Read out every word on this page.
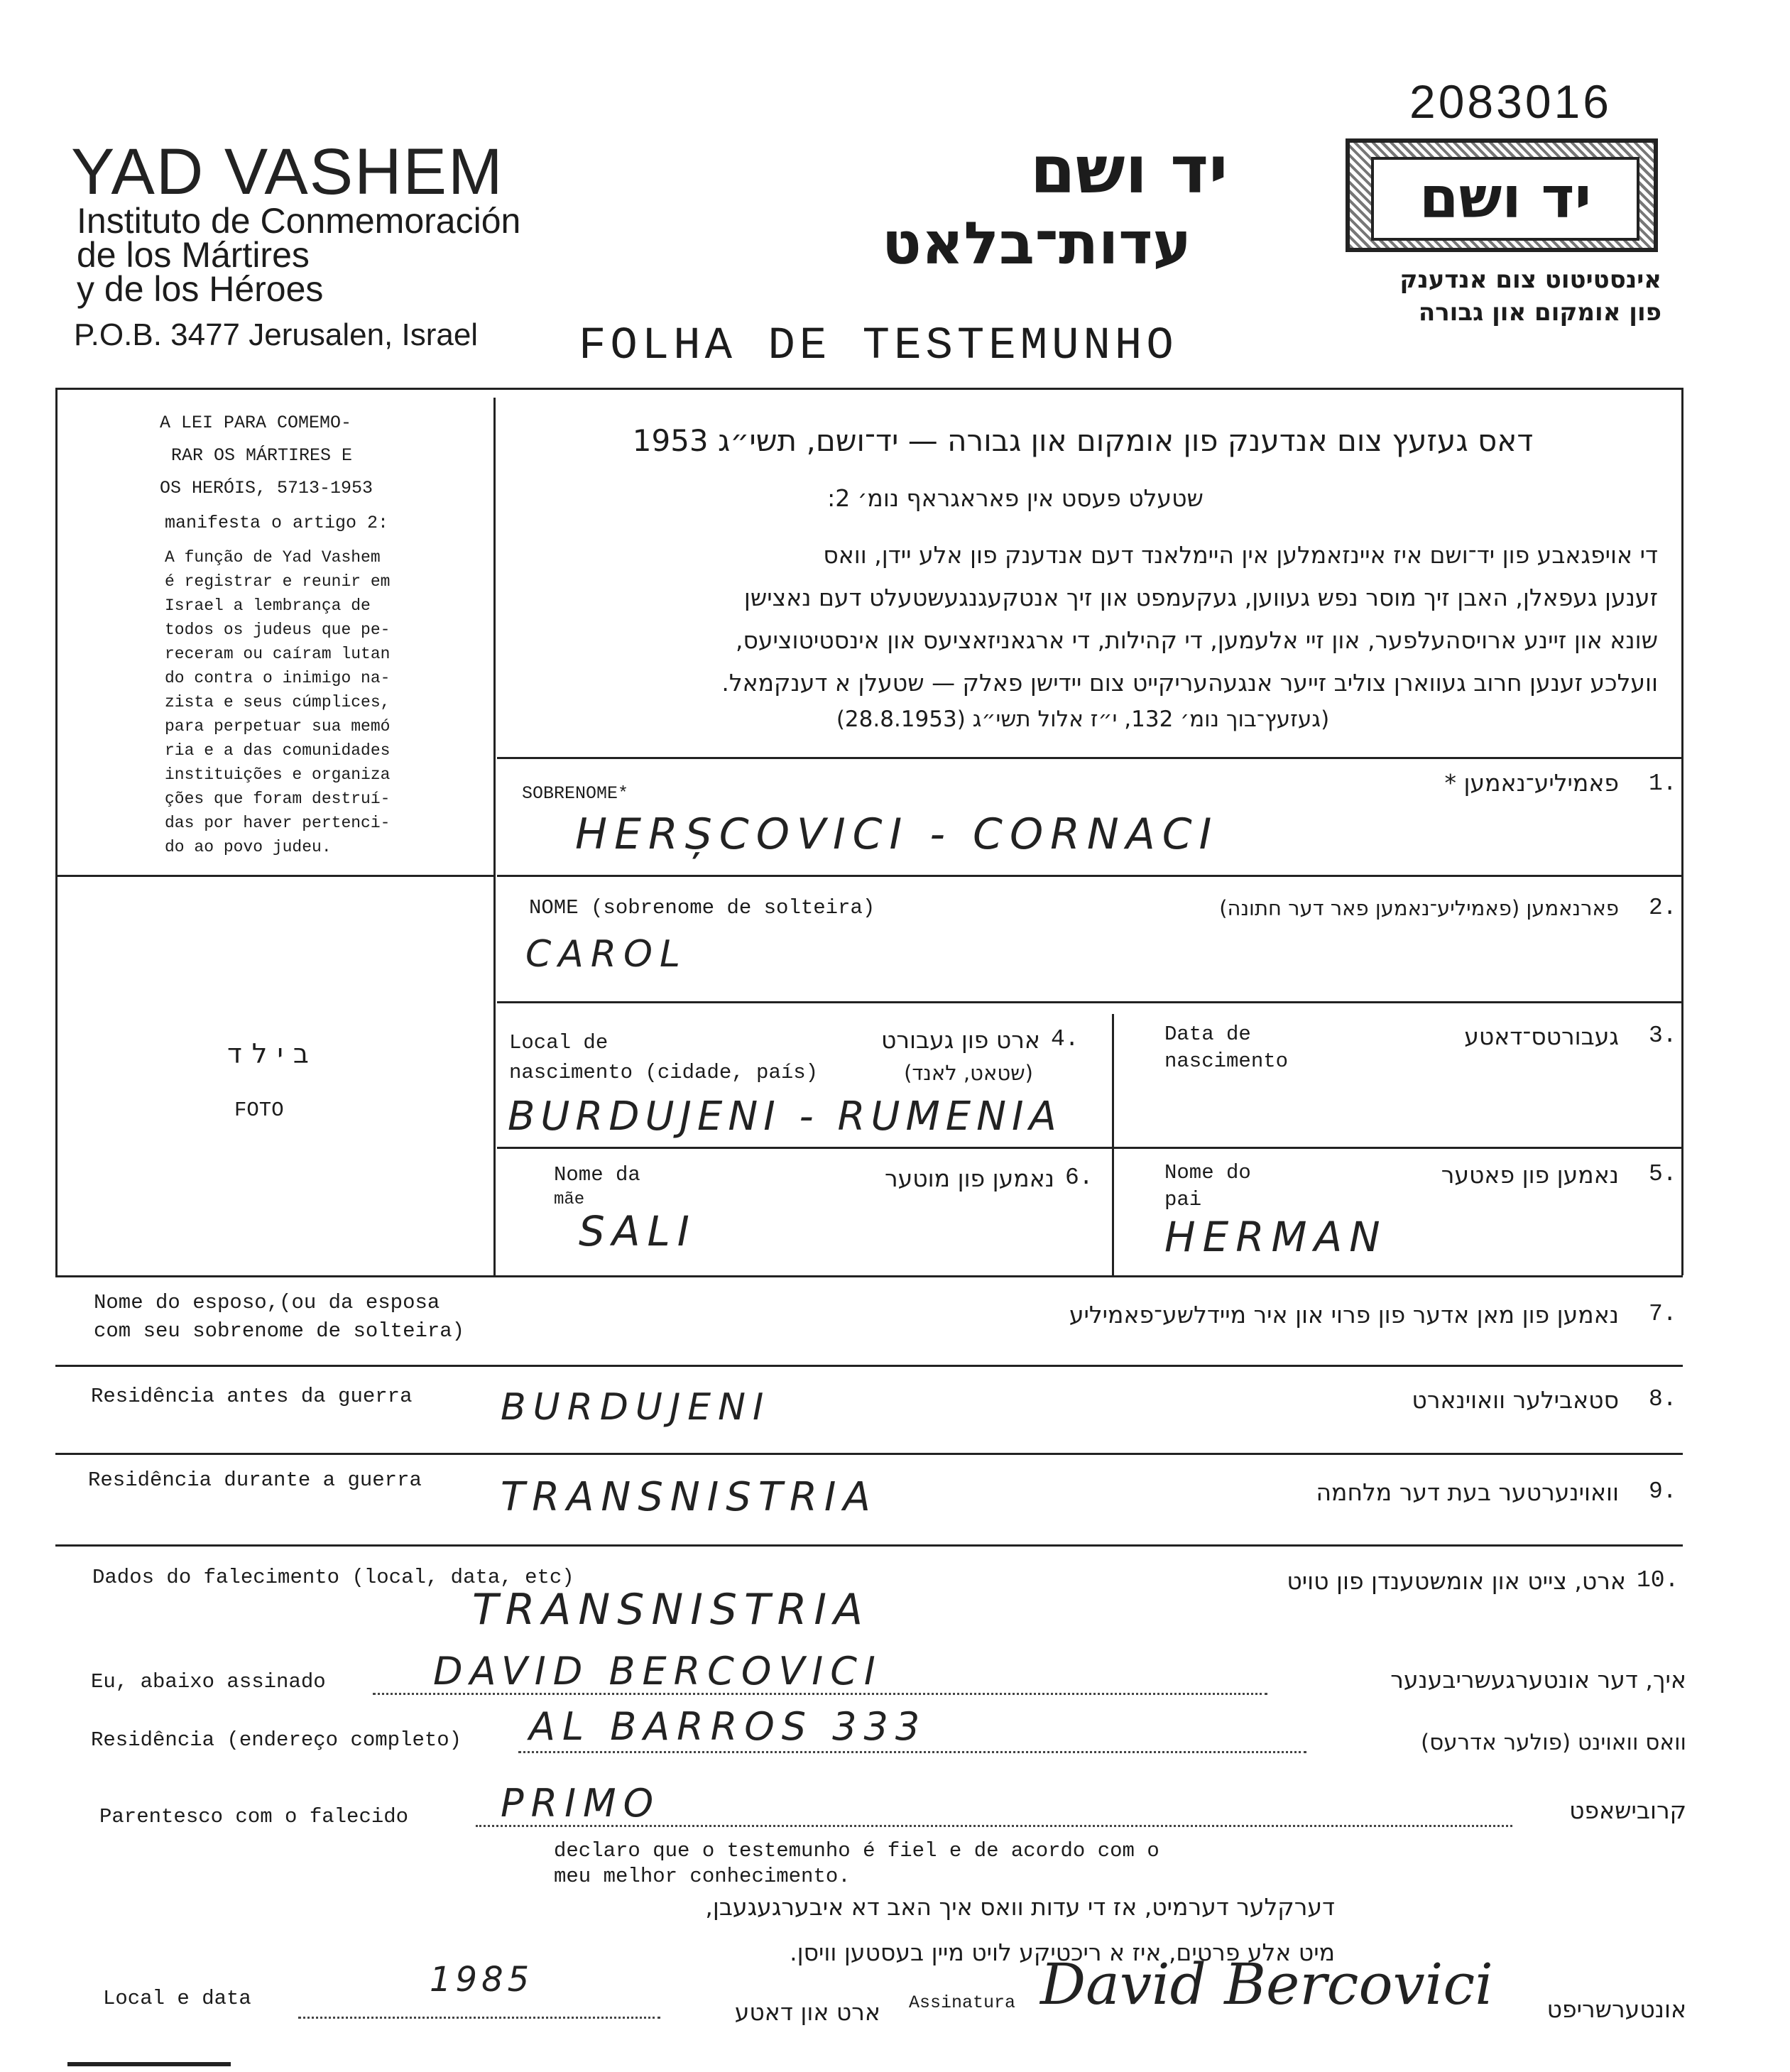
2083016
YAD VASHEM
Instituto de Conmemoración
de los Mártires
y de los Héroes
P.O.B. 3477 Jerusalen, Israel
יד ושם
עדות־בלאט
יד ושם
אינסטיטוט צום אנדענק
פון אומקום און גבורה
FOLHA DE TESTEMUNHO
A LEI PARA COMEMO-
RAR OS MÁRTIRES E
OS HERÓIS, 5713-1953
manifesta o artigo 2:
A função de Yad Vashem
é registrar e reunir em
Israel a lembrança de
todos os judeus que pe-
receram ou caíram lutan
do contra o inimigo na-
zista e seus cúmplices,
para perpetuar sua memó
ria e a das comunidades
instituições e organiza
ções que foram destruí-
das por haver pertenci-
do ao povo judeu.
בילד
FOTO
דאס געזעץ צום אנדענק פון אומקום און גבורה — יד־ושם, תשי״ג 1953
שטעלט פעסט אין פאראגראף נומ׳ 2:
די אויפגאבע פון יד־ושם איז איינזאמלען אין היימלאנד דעם אנדענק פון אלע יידן, וואס
זענען געפאלן, האבן זיך מוסר נפש געווען, געקעמפט און זיך אנטקעגנגעשטעלט דעם נאצישן
שונא און זיינע ארויסהעלפער, און זיי אלעמען, די קהילות, די ארגאניזאציעס און אינסטיטוציעס,
וועלכע זענען חרוב געווארן צוליב זייער אנגעהעריקייט צום יידישן פאלק — שטעלן א דענקמאל.
(געזעץ־בוך נומ׳ 132, י״ז אלול תשי״ג (28.8.1953)
SOBRENOME*	1.
פאמיליע־נאמען *
HERȘCOVICI - CORNACI
NOME (sobrenome de solteira)	2.
פארנאמען (פאמיליע־נאמען פאר דער חתונה)
CAROL
Local de
nascimento (cidade, país)
4.
ארט פון געבורט
(שטאט, לאנד)
BURDUJENI - RUMENIA
Data de
nascimento
3.
געבורטס־דאטע
Nome da
mãe
6.
נאמען פון מוטער
SALI
Nome do
pai
5.
נאמען פון פאטער
HERMAN
Nome do esposo,(ou da esposa
com seu sobrenome de solteira)
7.
נאמען פון מאן אדער פון פרוי און איר מיידלשע־פאמיליע
Residência antes da guerra	8.
סטאבילער וואוינארט
BURDUJENI
Residência durante a guerra	9.
וואוינערטער בעת דער מלחמה
TRANSNISTRIA
Dados do falecimento (local, data, etc)	10.
ארט, צייט און אומשטענדן פון טויט
TRANSNISTRIA
Eu, abaixo assinado	DAVID BERCOVICI	איך, דער אונטערגעשריבענער
Residência (endereço completo) AL BARROS 333	וואס וואוינט (פולער אדרעס)
Parentesco com o falecido PRIMO	קרובישאפט
declaro que o testemunho é fiel e de acordo com o
meu melhor conhecimento.
דערקלער דערמיט, אז די עדות וואס איך האב דא איבערגעגעבן,
מיט אלע פרטים, איז א ריכטיקע לויט מיין בעסטען וויסן.
Local e data	1985
ארט און דאטע Assinatura David Bercovici	אונטערשריפט
